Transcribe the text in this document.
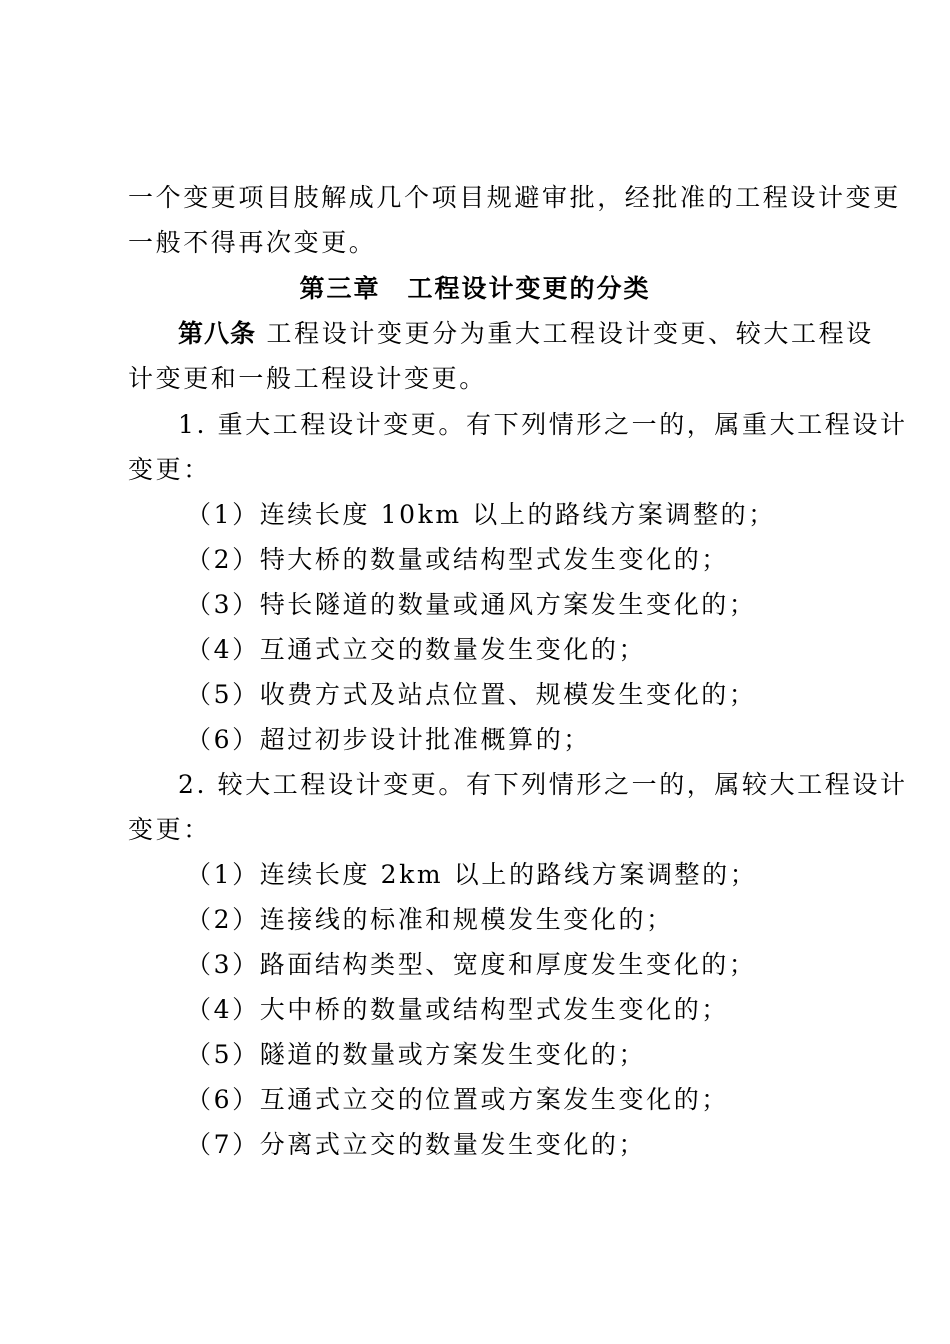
一个变更项目肢解成几个项目规避审批，经批准的工程设计变更
一般不得再次变更。
第三章　工程设计变更的分类
第八条 工程设计变更分为重大工程设计变更、较大工程设
计变更和一般工程设计变更。
1. 重大工程设计变更。有下列情形之一的，属重大工程设计
变更：
（1）连续长度 10km 以上的路线方案调整的；
（2）特大桥的数量或结构型式发生变化的；
（3）特长隧道的数量或通风方案发生变化的；
（4）互通式立交的数量发生变化的；
（5）收费方式及站点位置、规模发生变化的；
（6）超过初步设计批准概算的；
2. 较大工程设计变更。有下列情形之一的，属较大工程设计
变更：
（1）连续长度 2km 以上的路线方案调整的；
（2）连接线的标准和规模发生变化的；
（3）路面结构类型、宽度和厚度发生变化的；
（4）大中桥的数量或结构型式发生变化的；
（5）隧道的数量或方案发生变化的；
（6）互通式立交的位置或方案发生变化的；
（7）分离式立交的数量发生变化的；
